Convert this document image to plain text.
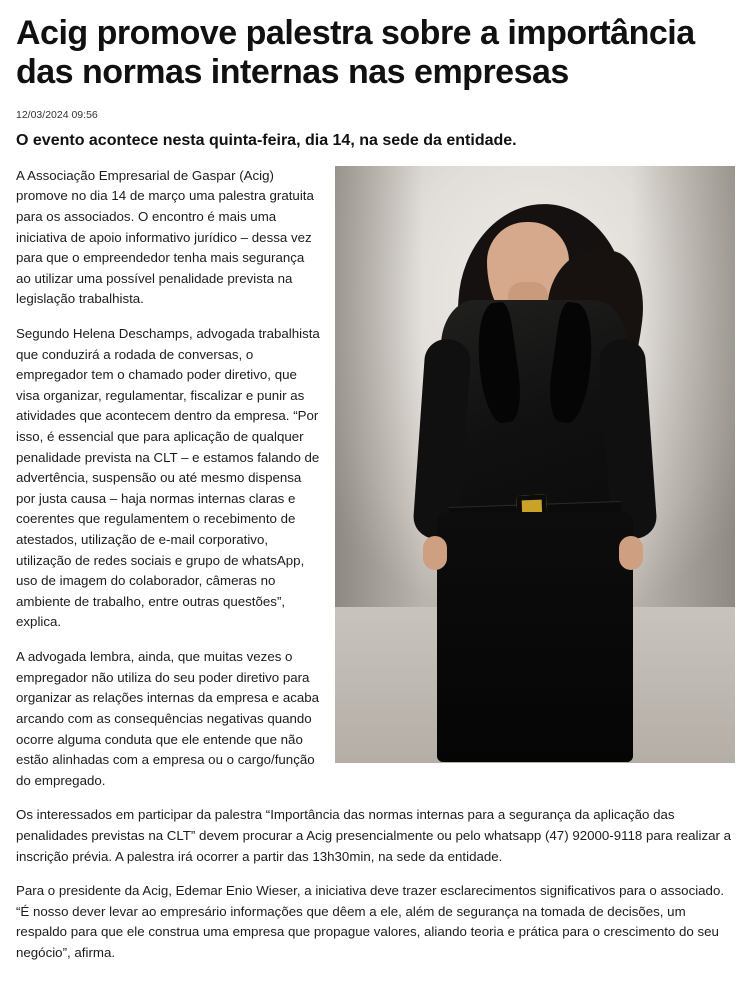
Acig promove palestra sobre a importância das normas internas nas empresas
12/03/2024 09:56
O evento acontece nesta quinta-feira, dia 14, na sede da entidade.

A Associação Empresarial de Gaspar (Acig) promove no dia 14 de março uma palestra gratuita para os associados. O encontro é mais uma iniciativa de apoio informativo jurídico – dessa vez para que o empreendedor tenha mais segurança ao utilizar uma possível penalidade prevista na legislação trabalhista.

Segundo Helena Deschamps, advogada trabalhista que conduzirá a rodada de conversas, o empregador tem o chamado poder diretivo, que visa organizar, regulamentar, fiscalizar e punir as atividades que acontecem dentro da empresa. “Por isso, é essencial que para aplicação de qualquer penalidade prevista na CLT – e estamos falando de advertência, suspensão ou até mesmo dispensa por justa causa – haja normas internas claras e coerentes que regulamentem o recebimento de atestados, utilização de e-mail corporativo, utilização de redes sociais e grupo de whatsApp, uso de imagem do colaborador, câmeras no ambiente de trabalho, entre outras questões”, explica.

A advogada lembra, ainda, que muitas vezes o empregador não utiliza do seu poder diretivo para organizar as relações internas da empresa e acaba arcando com as consequências negativas quando ocorre alguma conduta que ele entende que não estão alinhadas com a empresa ou o cargo/função do empregado.

Os interessados em participar da palestra “Importância das normas internas para a segurança da aplicação das penalidades previstas na CLT” devem procurar a Acig presencialmente ou pelo whatsapp (47) 92000-9118 para realizar a inscrição prévia. A palestra irá ocorrer a partir das 13h30min, na sede da entidade.

Para o presidente da Acig, Edemar Enio Wieser, a iniciativa deve trazer esclarecimentos significativos para o associado. “É nosso dever levar ao empresário informações que dêem a ele, além de segurança na tomada de decisões, um respaldo para que ele construa uma empresa que propague valores, aliando teoria e prática para o crescimento do seu negócio”, afirma.
